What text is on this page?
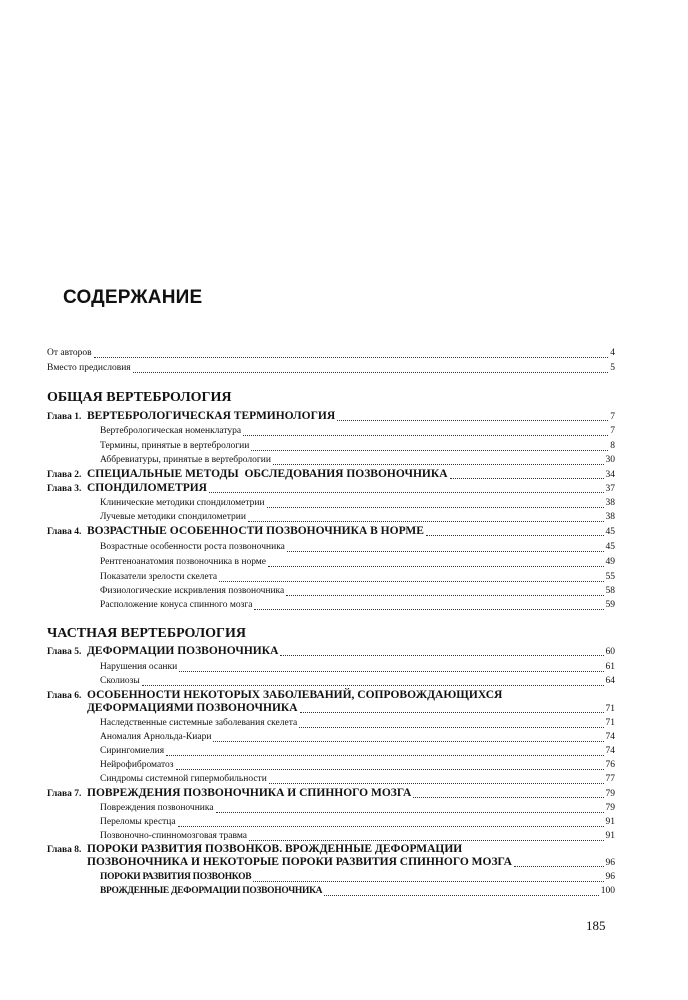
СОДЕРЖАНИЕ
От авторов	4
Вместо предисловия	5
ОБЩАЯ ВЕРТЕБРОЛОГИЯ
Глава 1. ВЕРТЕБРОЛОГИЧЕСКАЯ ТЕРМИНОЛОГИЯ	7
Вертебрологическая номенклатура	7
Термины, принятые в вертебрологии	8
Аббревиатуры, принятые в вертебрологии	30
Глава 2. СПЕЦИАЛЬНЫЕ МЕТОДЫ  ОБСЛЕДОВАНИЯ ПОЗВОНОЧНИКА	34
Глава 3. СПОНДИЛОМЕТРИЯ	37
Клинические методики спондилометрии	38
Лучевые методики спондилометрии	38
Глава 4. ВОЗРАСТНЫЕ ОСОБЕННОСТИ ПОЗВОНОЧНИКА В НОРМЕ	45
Возрастные особенности роста позвоночника	45
Рентгеноанатомия позвоночника в норме	49
Показатели зрелости скелета	55
Физиологические искривления позвоночника	58
Расположение конуса спинного мозга	59
ЧАСТНАЯ ВЕРТЕБРОЛОГИЯ
Глава 5. ДЕФОРМАЦИИ ПОЗВОНОЧНИКА	60
Нарушения осанки	61
Сколиозы	64
Глава 6. ОСОБЕННОСТИ НЕКОТОРЫХ ЗАБОЛЕВАНИЙ, СОПРОВОЖДАЮЩИХСЯ
ДЕФОРМАЦИЯМИ ПОЗВОНОЧНИКА	71
Наследственные системные заболевания скелета	71
Аномалия Арнольда-Киари	74
Сирингомиелия	74
Нейрофиброматоз	76
Синдромы системной гипермобильности	77
Глава 7. ПОВРЕЖДЕНИЯ ПОЗВОНОЧНИКА И СПИННОГО МОЗГА	79
Повреждения позвоночника	79
Переломы крестца	91
Позвоночно-спинномозговая травма	91
Глава 8. ПОРОКИ РАЗВИТИЯ ПОЗВОНКОВ. ВРОЖДЕННЫЕ ДЕФОРМАЦИИ
ПОЗВОНОЧНИКА И НЕКОТОРЫЕ ПОРОКИ РАЗВИТИЯ СПИННОГО МОЗГА	96
ПОРОКИ РАЗВИТИЯ ПОЗВОНКОВ	96
ВРОЖДЕННЫЕ ДЕФОРМАЦИИ ПОЗВОНОЧНИКА	100
185
